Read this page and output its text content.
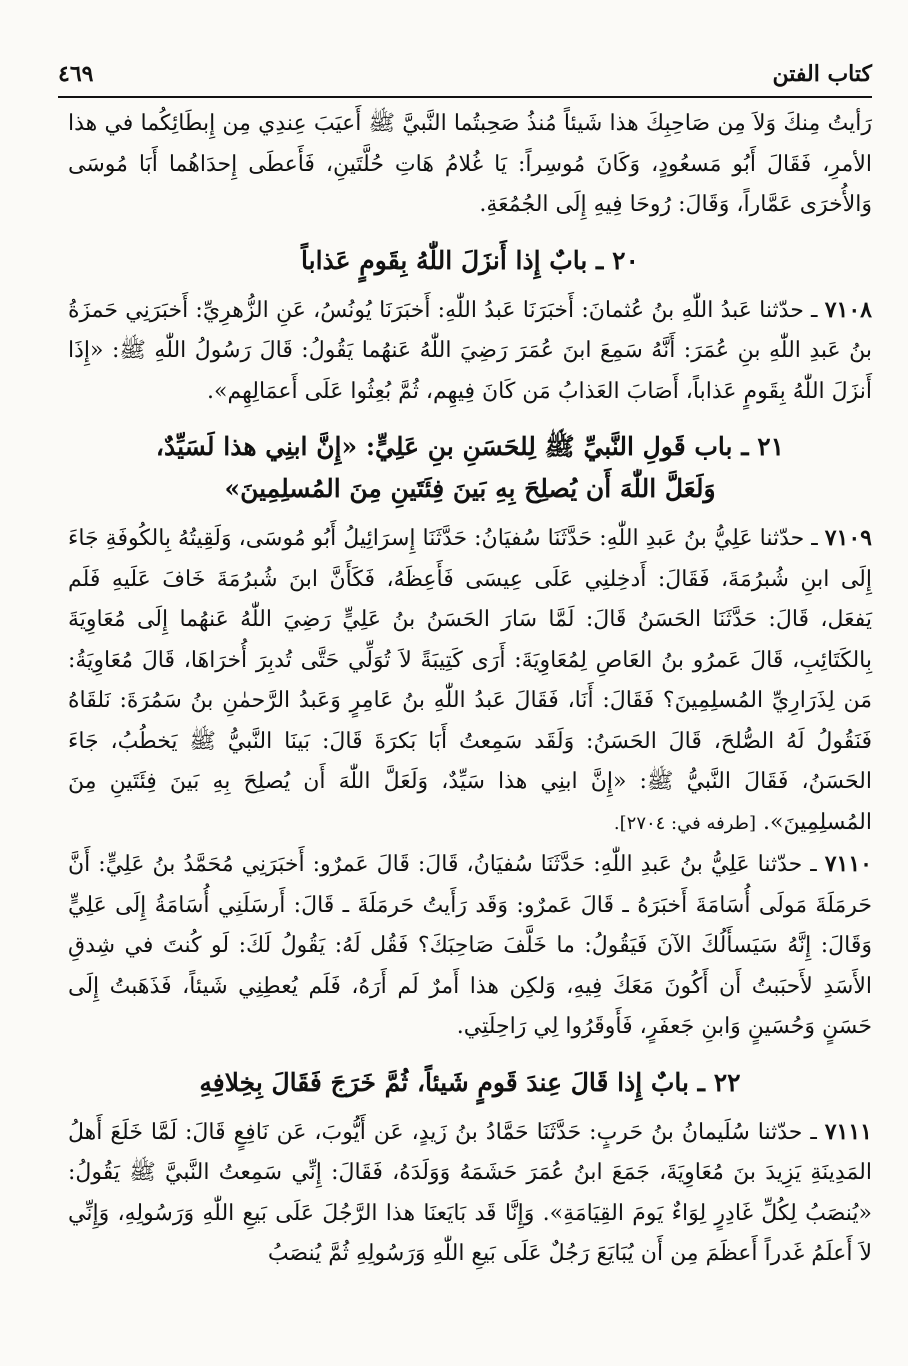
كتاب الفتن
٤٦٩

رَأيتُ مِنكَ وَلاَ مِن صَاحِبِكَ هذا شَيئاً مُنذُ صَحِبتُما النَّبيَّ ﷺ أَعيَبَ عِندِي مِن إِبطَائِكُما في هذا الأمرِ، فَقَالَ أَبُو مَسعُودٍ، وَكَانَ مُوسِراً: يَا غُلامُ هَاتِ حُلَّتَينِ، فَأَعطَى إِحدَاهُما أَبَا مُوسَى وَالأُخرَى عَمَّاراً، وَقَالَ: رُوحَا فِيهِ إِلَى الجُمُعَةِ.

٢٠ ـ بابٌ إِذا أَنزَلَ اللّٰهُ بِقَومٍ عَذاباً

٧١٠٨ ـ حدّثنا عَبدُ اللّٰهِ بنُ عُثمانَ: أَخبَرَنَا عَبدُ اللّٰهِ: أَخبَرَنَا يُونُسُ، عَنِ الزُّهرِيِّ: أَخبَرَنِي حَمزَةُ بنُ عَبدِ اللّٰهِ بنِ عُمَرَ: أَنَّهُ سَمِعَ ابنَ عُمَرَ رَضِيَ اللّٰهُ عَنهُما يَقُولُ: قَالَ رَسُولُ اللّٰهِ ﷺ: «إِذَا أَنزَلَ اللّٰهُ بِقَومٍ عَذاباً، أَصَابَ العَذابُ مَن كَانَ فِيهِم، ثُمَّ بُعِثُوا عَلَى أَعمَالِهِم».

٢١ ـ باب قَولِ النَّبيِّ ﷺ لِلحَسَنِ بنِ عَلِيٍّ: «إِنَّ ابنِي هذا لَسَيِّدٌ،
وَلَعَلَّ اللّٰهَ أَن يُصلِحَ بِهِ بَينَ فِئَتَينِ مِنَ المُسلِمِينَ»

٧١٠٩ ـ حدّثنا عَلِيُّ بنُ عَبدِ اللّٰهِ: حَدَّثَنَا سُفيَانُ: حَدَّثَنَا إِسرَائِيلُ أَبُو مُوسَى، وَلَقِيتُهُ بِالكُوفَةِ جَاءَ إِلَى ابنِ شُبرُمَةَ، فَقَالَ: أَدخِلنِي عَلَى عِيسَى فَأَعِظَهُ، فَكَأَنَّ ابنَ شُبرُمَةَ خَافَ عَلَيهِ فَلَم يَفعَل، قَالَ: حَدَّثَنَا الحَسَنُ قَالَ: لَمَّا سَارَ الحَسَنُ بنُ عَلِيٍّ رَضِيَ اللّٰهُ عَنهُما إِلَى مُعَاوِيَةَ بِالكَتَائِبِ، قَالَ عَمرُو بنُ العَاصِ لِمُعَاوِيَةَ: أَرَى كَتِيبَةً لاَ تُوَلِّي حَتَّى تُدبِرَ أُخرَاهَا، قَالَ مُعَاوِيَةُ: مَن لِذَرَارِيِّ المُسلِمِينَ؟ فَقَالَ: أَنَا، فَقَالَ عَبدُ اللّٰهِ بنُ عَامِرٍ وَعَبدُ الرَّحمٰنِ بنُ سَمُرَةَ: نَلقَاهُ فَنَقُولُ لَهُ الصُّلحَ، قَالَ الحَسَنُ: وَلَقَد سَمِعتُ أَبَا بَكرَةَ قَالَ: بَينَا النَّبيُّ ﷺ يَخطُبُ، جَاءَ الحَسَنُ، فَقَالَ النَّبيُّ ﷺ: «إِنَّ ابنِي هذا سَيِّدٌ، وَلَعَلَّ اللّٰهَ أَن يُصلِحَ بِهِ بَينَ فِئَتَينِ مِنَ المُسلِمِينَ». [طرفه في: ٢٧٠٤].

٧١١٠ ـ حدّثنا عَلِيُّ بنُ عَبدِ اللّٰهِ: حَدَّثَنَا سُفيَانُ، قَالَ: قَالَ عَمرٌو: أَخبَرَنِي مُحَمَّدُ بنُ عَلِيٍّ: أَنَّ حَرمَلَةَ مَولَى أُسَامَةَ أَخبَرَهُ ـ قَالَ عَمرٌو: وَقَد رَأَيتُ حَرمَلَةَ ـ قَالَ: أَرسَلَنِي أُسَامَةُ إِلَى عَلِيٍّ وَقَالَ: إِنَّهُ سَيَسأَلُكَ الآنَ فَيَقُولُ: ما خَلَّفَ صَاحِبَكَ؟ فَقُل لَهُ: يَقُولُ لَكَ: لَو كُنتَ في شِدقِ الأَسَدِ لأَحبَبتُ أَن أَكُونَ مَعَكَ فِيهِ، وَلكِن هذا أَمرٌ لَم أَرَهُ، فَلَم يُعطِنِي شَيئاً، فَذَهَبتُ إِلَى حَسَنٍ وَحُسَينٍ وَابنِ جَعفَرٍ، فَأَوقَرُوا لِي رَاحِلَتِي.

٢٢ ـ بابٌ إِذا قَالَ عِندَ قَومٍ شَيئاً، ثُمَّ خَرَجَ فَقَالَ بِخِلافِهِ

٧١١١ ـ حدّثنا سُلَيمانُ بنُ حَربٍ: حَدَّثَنَا حَمَّادُ بنُ زَيدٍ، عَن أَيُّوبَ، عَن نَافِعٍ قَالَ: لَمَّا خَلَعَ أَهلُ المَدِينَةِ يَزِيدَ بنَ مُعَاوِيَةَ، جَمَعَ ابنُ عُمَرَ حَشَمَهُ وَوَلَدَهُ، فَقَالَ: إِنِّي سَمِعتُ النَّبيَّ ﷺ يَقُولُ: «يُنصَبُ لِكُلِّ غَادِرٍ لِوَاءٌ يَومَ القِيَامَةِ». وَإِنَّا قَد بَايَعنَا هذا الرَّجُلَ عَلَى بَيعِ اللّٰهِ وَرَسُولِهِ، وَإِنِّي لاَ أَعلَمُ غَدراً أَعظَمَ مِن أَن يُبَايَعَ رَجُلٌ عَلَى بَيعِ اللّٰهِ وَرَسُولِهِ ثُمَّ يُنصَبُ
